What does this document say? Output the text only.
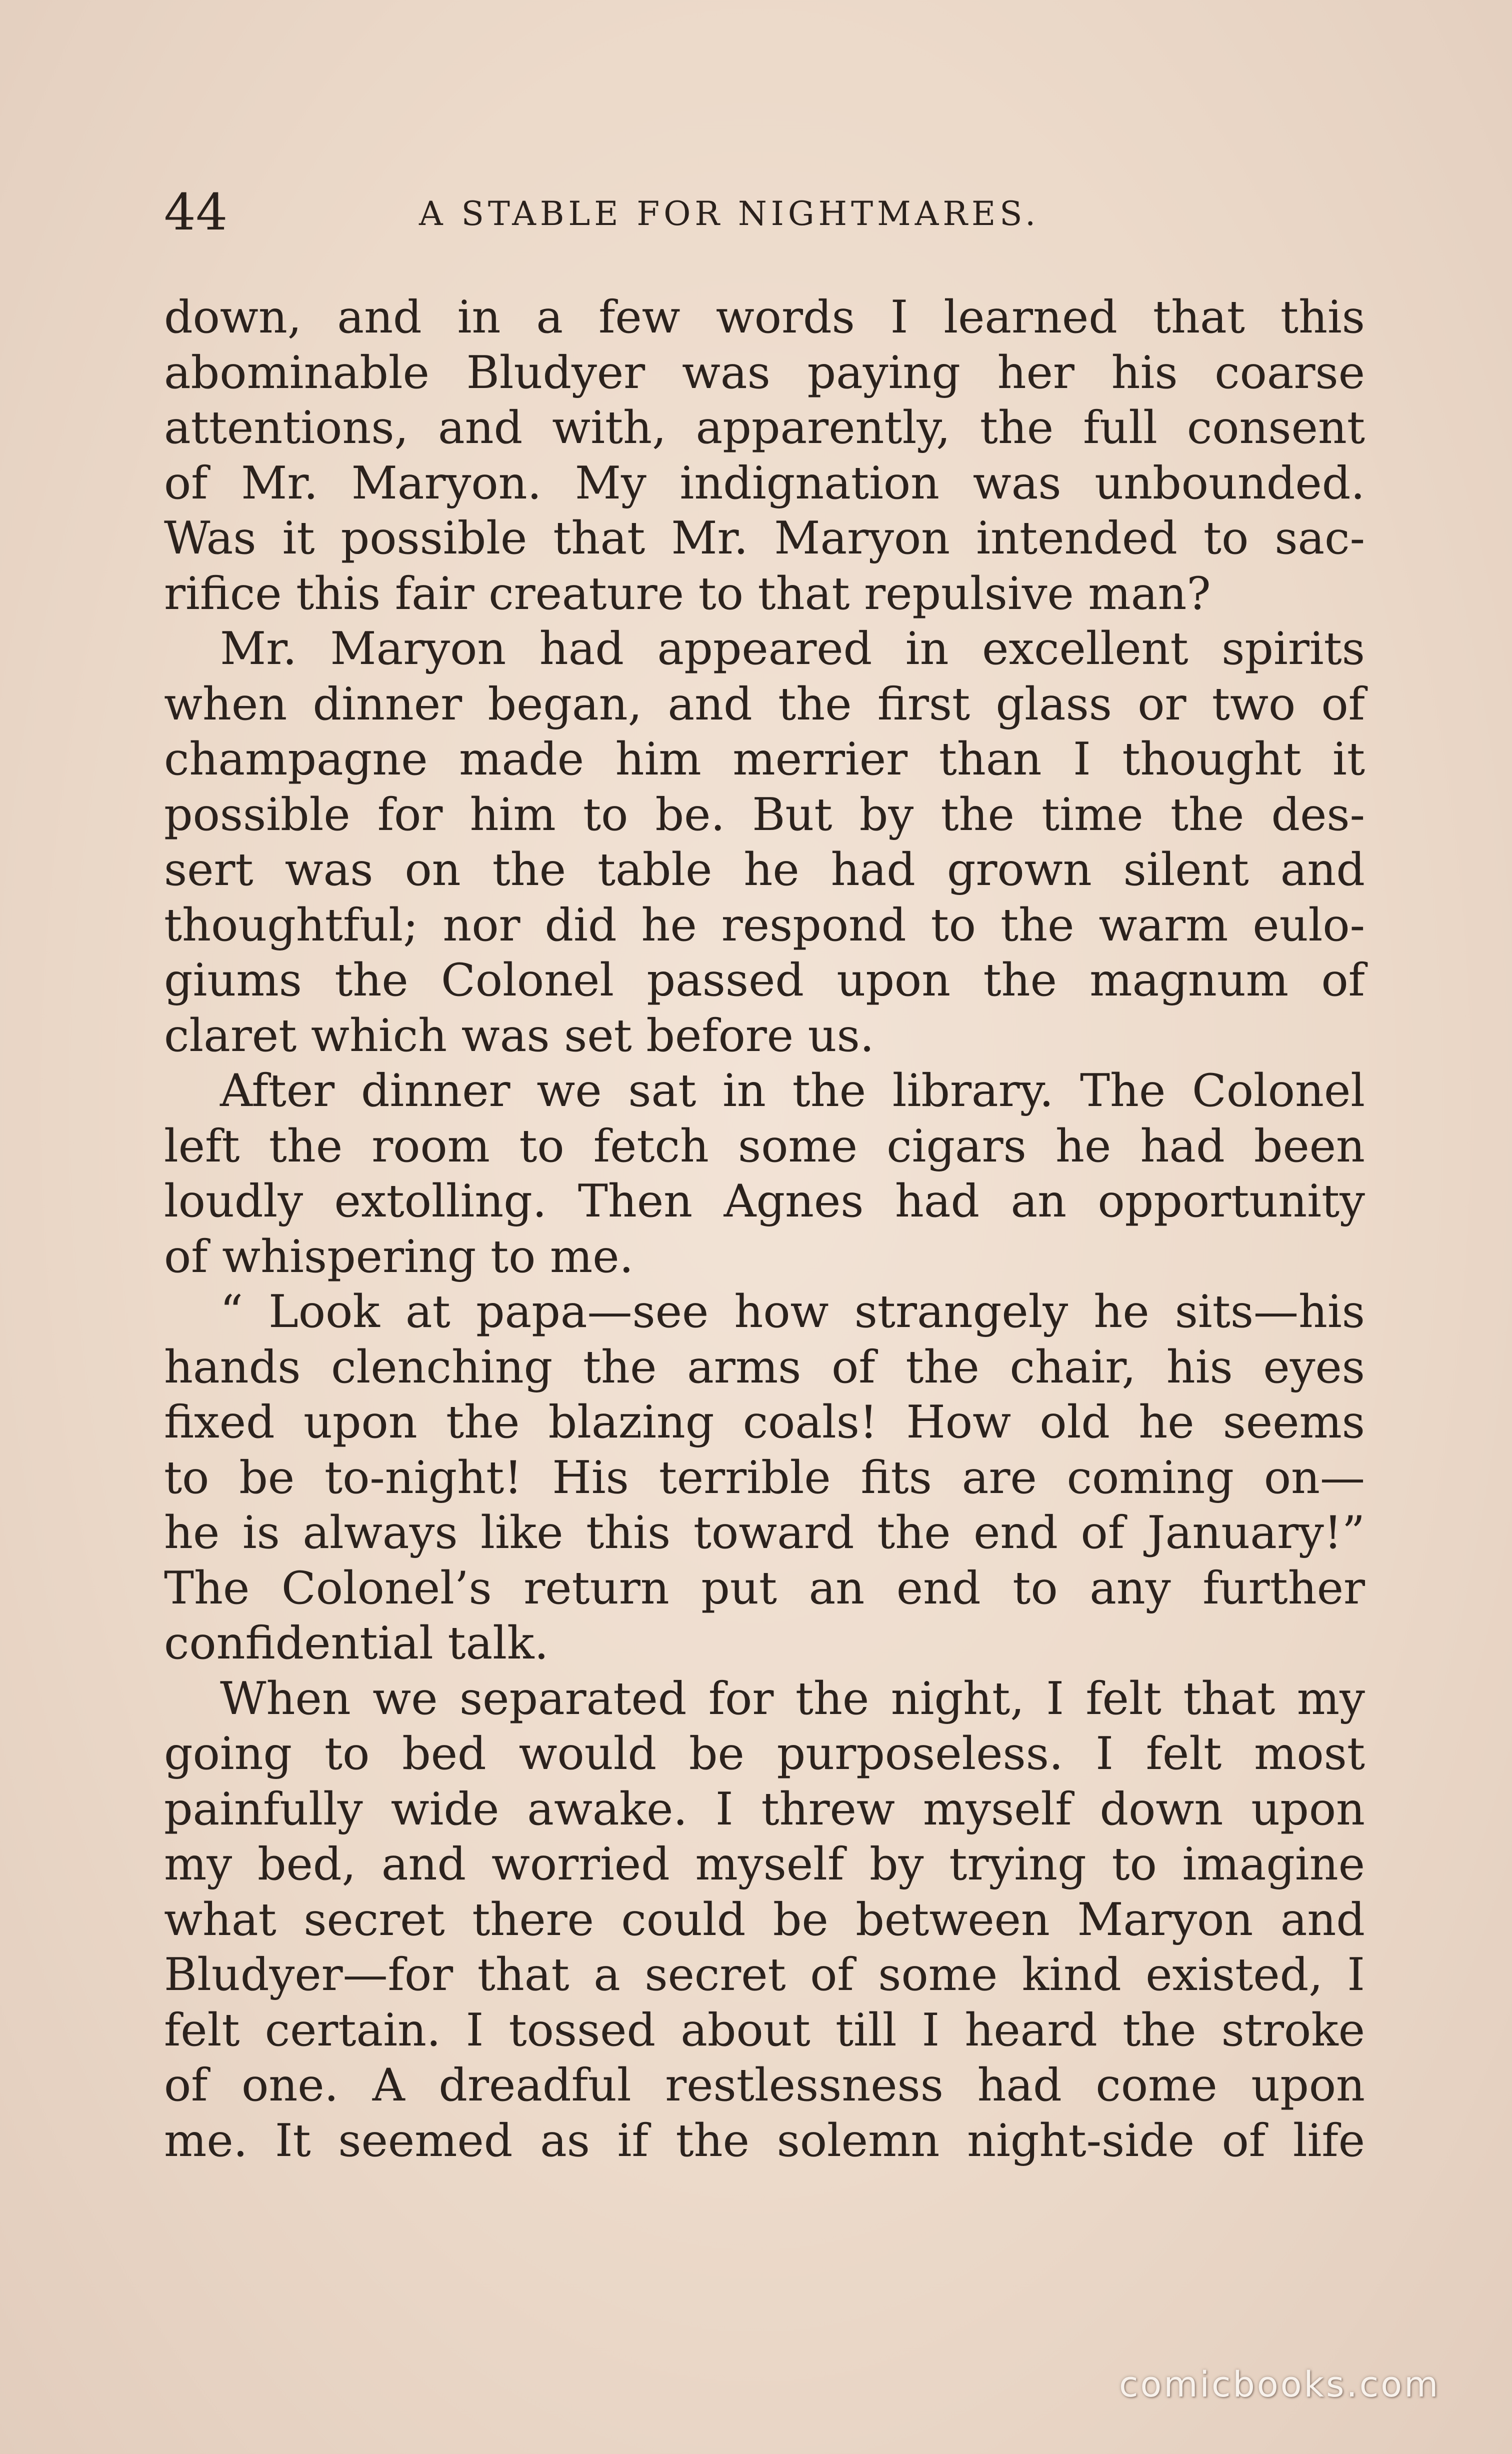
44	A STABLE FOR NIGHTMARES.
down, and in a few words I learned that this
abominable Bludyer was paying her his coarse
attentions, and with, apparently, the full consent
of Mr. Maryon. My indignation was unbounded.
Was it possible that Mr. Maryon intended to sac-
rifice this fair creature to that repulsive man?
Mr. Maryon had appeared in excellent spirits
when dinner began, and the first glass or two of
champagne made him merrier than I thought it
possible for him to be. But by the time the des-
sert was on the table he had grown silent and
thoughtful; nor did he respond to the warm eulo-
giums the Colonel passed upon the magnum of
claret which was set before us.
After dinner we sat in the library. The Colonel
left the room to fetch some cigars he had been
loudly extolling. Then Agnes had an opportunity
of whispering to me.
“ Look at papa—see how strangely he sits—his
hands clenching the arms of the chair, his eyes
fixed upon the blazing coals! How old he seems
to be to-night! His terrible fits are coming on—
he is always like this toward the end of January!”
The Colonel’s return put an end to any further
confidential talk.
When we separated for the night, I felt that my
going to bed would be purposeless. I felt most
painfully wide awake. I threw myself down upon
my bed, and worried myself by trying to imagine
what secret there could be between Maryon and
Bludyer—for that a secret of some kind existed, I
felt certain. I tossed about till I heard the stroke
of one. A dreadful restlessness had come upon
me. It seemed as if the solemn night-side of life
comicbooks.com
